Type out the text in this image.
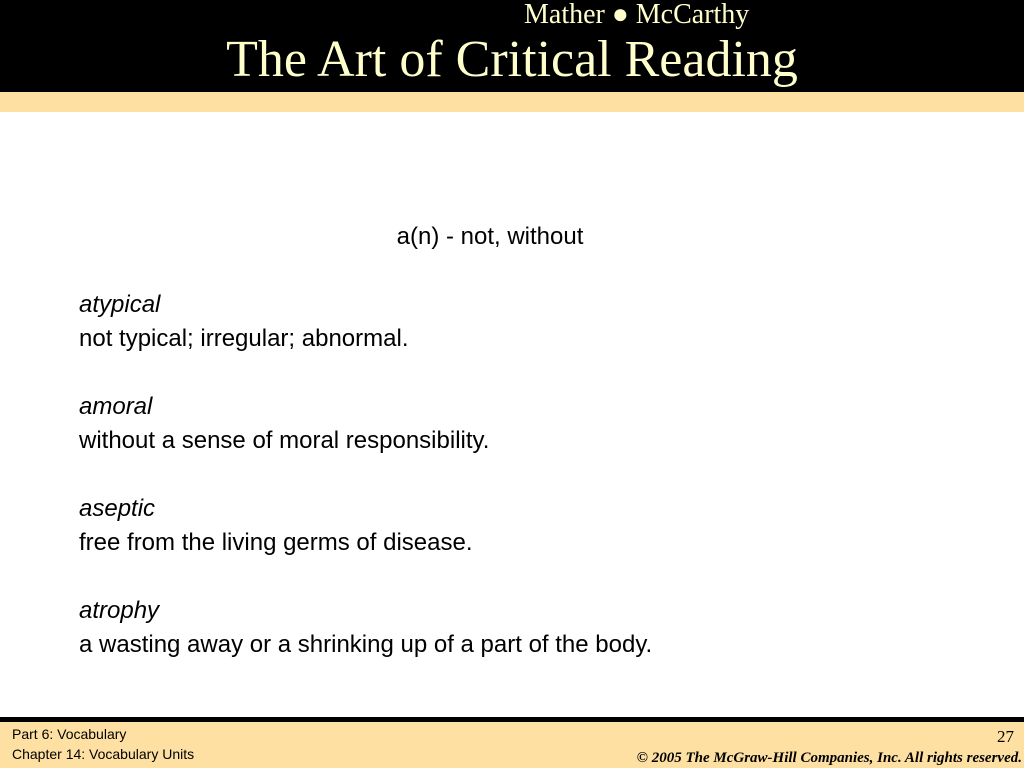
Mather ● McCarthy
The Art of Critical Reading
a(n) - not, without
atypical
not typical; irregular; abnormal.
amoral
without a sense of moral responsibility.
aseptic
free from the living germs of disease.
atrophy
a wasting away or a shrinking up of a part of the body.
Part 6: Vocabulary
Chapter 14: Vocabulary Units
27
© 2005 The McGraw-Hill Companies, Inc. All rights reserved.
